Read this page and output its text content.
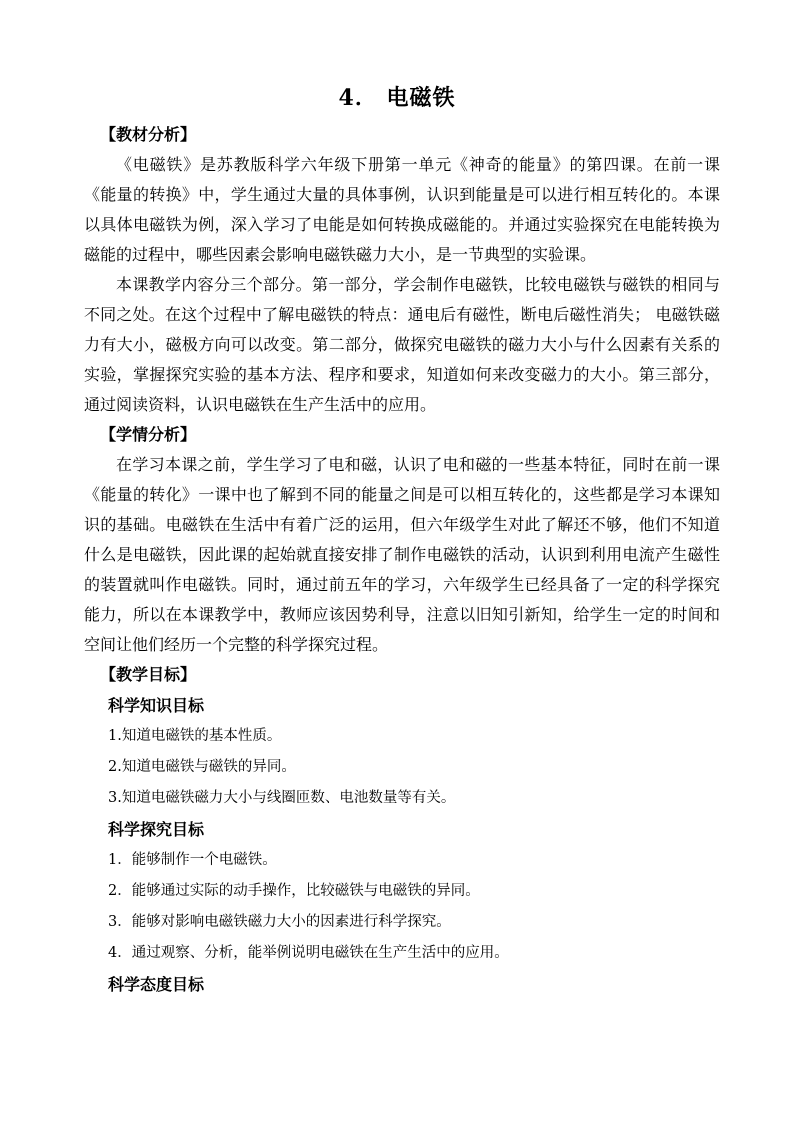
4． 电磁铁
【教材分析】

《电磁铁》是苏教版科学六年级下册第一单元《神奇的能量》的第四课。在前一课《能量的转换》中，学生通过大量的具体事例，认识到能量是可以进行相互转化的。本课以具体电磁铁为例，深入学习了电能是如何转换成磁能的。并通过实验探究在电能转换为磁能的过程中，哪些因素会影响电磁铁磁力大小，是一节典型的实验课。

本课教学内容分三个部分。第一部分，学会制作电磁铁，比较电磁铁与磁铁的相同与不同之处。在这个过程中了解电磁铁的特点：通电后有磁性，断电后磁性消失； 电磁铁磁力有大小，磁极方向可以改变。第二部分，做探究电磁铁的磁力大小与什么因素有关系的实验，掌握探究实验的基本方法、程序和要求，知道如何来改变磁力的大小。第三部分，通过阅读资料，认识电磁铁在生产生活中的应用。

【学情分析】

在学习本课之前，学生学习了电和磁，认识了电和磁的一些基本特征，同时在前一课《能量的转化》一课中也了解到不同的能量之间是可以相互转化的，这些都是学习本课知识的基础。电磁铁在生活中有着广泛的运用，但六年级学生对此了解还不够，他们不知道什么是电磁铁，因此课的起始就直接安排了制作电磁铁的活动，认识到利用电流产生磁性的装置就叫作电磁铁。同时，通过前五年的学习，六年级学生已经具备了一定的科学探究能力，所以在本课教学中，教师应该因势利导，注意以旧知引新知，给学生一定的时间和空间让他们经历一个完整的科学探究过程。

【教学目标】
科学知识目标
1.知道电磁铁的基本性质。
2.知道电磁铁与磁铁的异同。
3.知道电磁铁磁力大小与线圈匝数、电池数量等有关。
科学探究目标
1．能够制作一个电磁铁。
2．能够通过实际的动手操作，比较磁铁与电磁铁的异同。
3．能够对影响电磁铁磁力大小的因素进行科学探究。
4．通过观察、分析，能举例说明电磁铁在生产生活中的应用。
科学态度目标
